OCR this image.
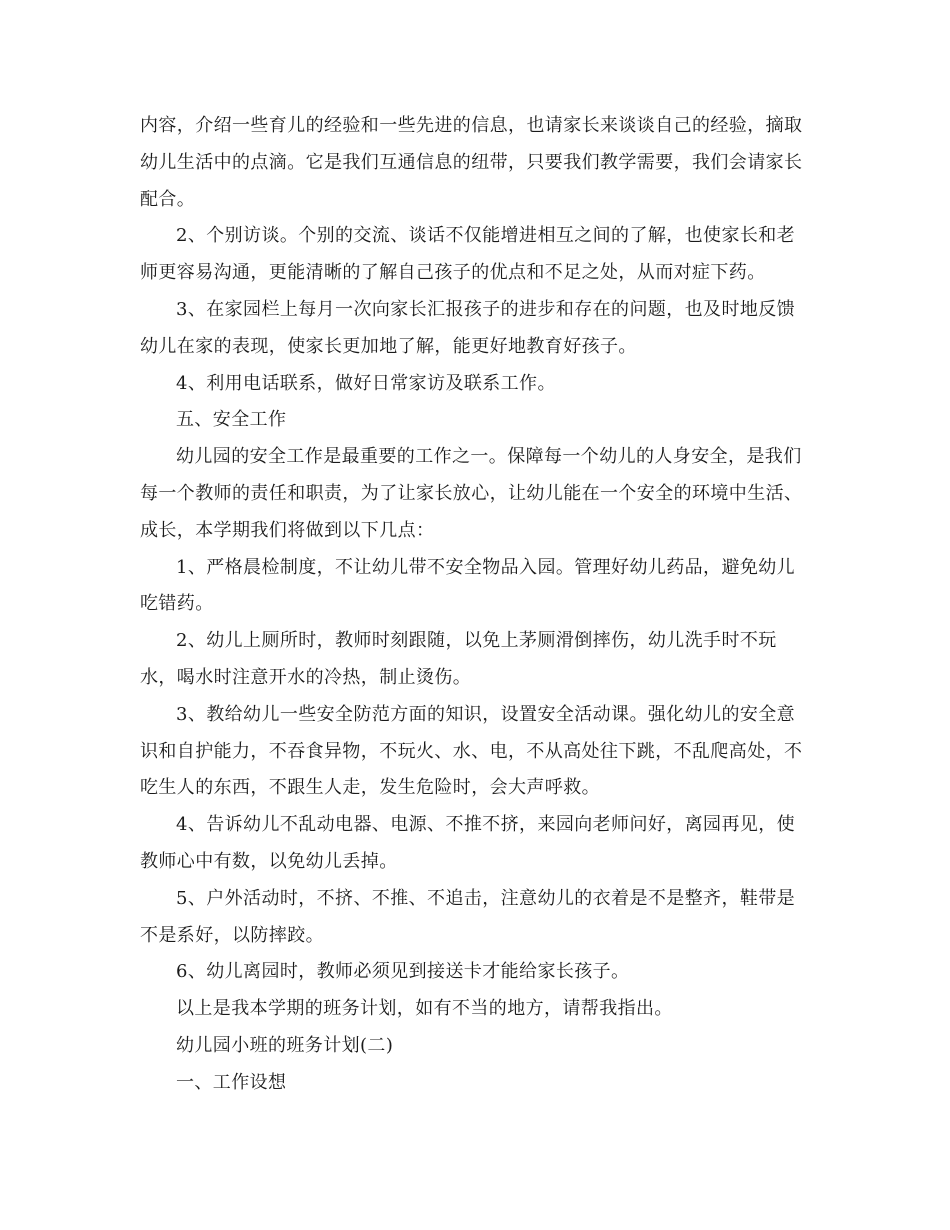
内容，介绍一些育儿的经验和一些先进的信息，也请家长来谈谈自己的经验，摘取
幼儿生活中的点滴。它是我们互通信息的纽带，只要我们教学需要，我们会请家长
配合。
2、个别访谈。个别的交流、谈话不仅能增进相互之间的了解，也使家长和老
师更容易沟通，更能清晰的了解自己孩子的优点和不足之处，从而对症下药。
3、在家园栏上每月一次向家长汇报孩子的进步和存在的问题，也及时地反馈
幼儿在家的表现，使家长更加地了解，能更好地教育好孩子。
4、利用电话联系，做好日常家访及联系工作。
五、安全工作
幼儿园的安全工作是最重要的工作之一。保障每一个幼儿的人身安全，是我们
每一个教师的责任和职责，为了让家长放心，让幼儿能在一个安全的环境中生活、
成长，本学期我们将做到以下几点：
1、严格晨检制度，不让幼儿带不安全物品入园。管理好幼儿药品，避免幼儿
吃错药。
2、幼儿上厕所时，教师时刻跟随，以免上茅厕滑倒摔伤，幼儿洗手时不玩
水，喝水时注意开水的冷热，制止烫伤。
3、教给幼儿一些安全防范方面的知识，设置安全活动课。强化幼儿的安全意
识和自护能力，不吞食异物，不玩火、水、电，不从高处往下跳，不乱爬高处，不
吃生人的东西，不跟生人走，发生危险时，会大声呼救。
4、告诉幼儿不乱动电器、电源、不推不挤，来园向老师问好，离园再见，使
教师心中有数，以免幼儿丢掉。
5、户外活动时，不挤、不推、不追击，注意幼儿的衣着是不是整齐，鞋带是
不是系好，以防摔跤。
6、幼儿离园时，教师必须见到接送卡才能给家长孩子。
以上是我本学期的班务计划，如有不当的地方，请帮我指出。
幼儿园小班的班务计划(二)
一、工作设想
